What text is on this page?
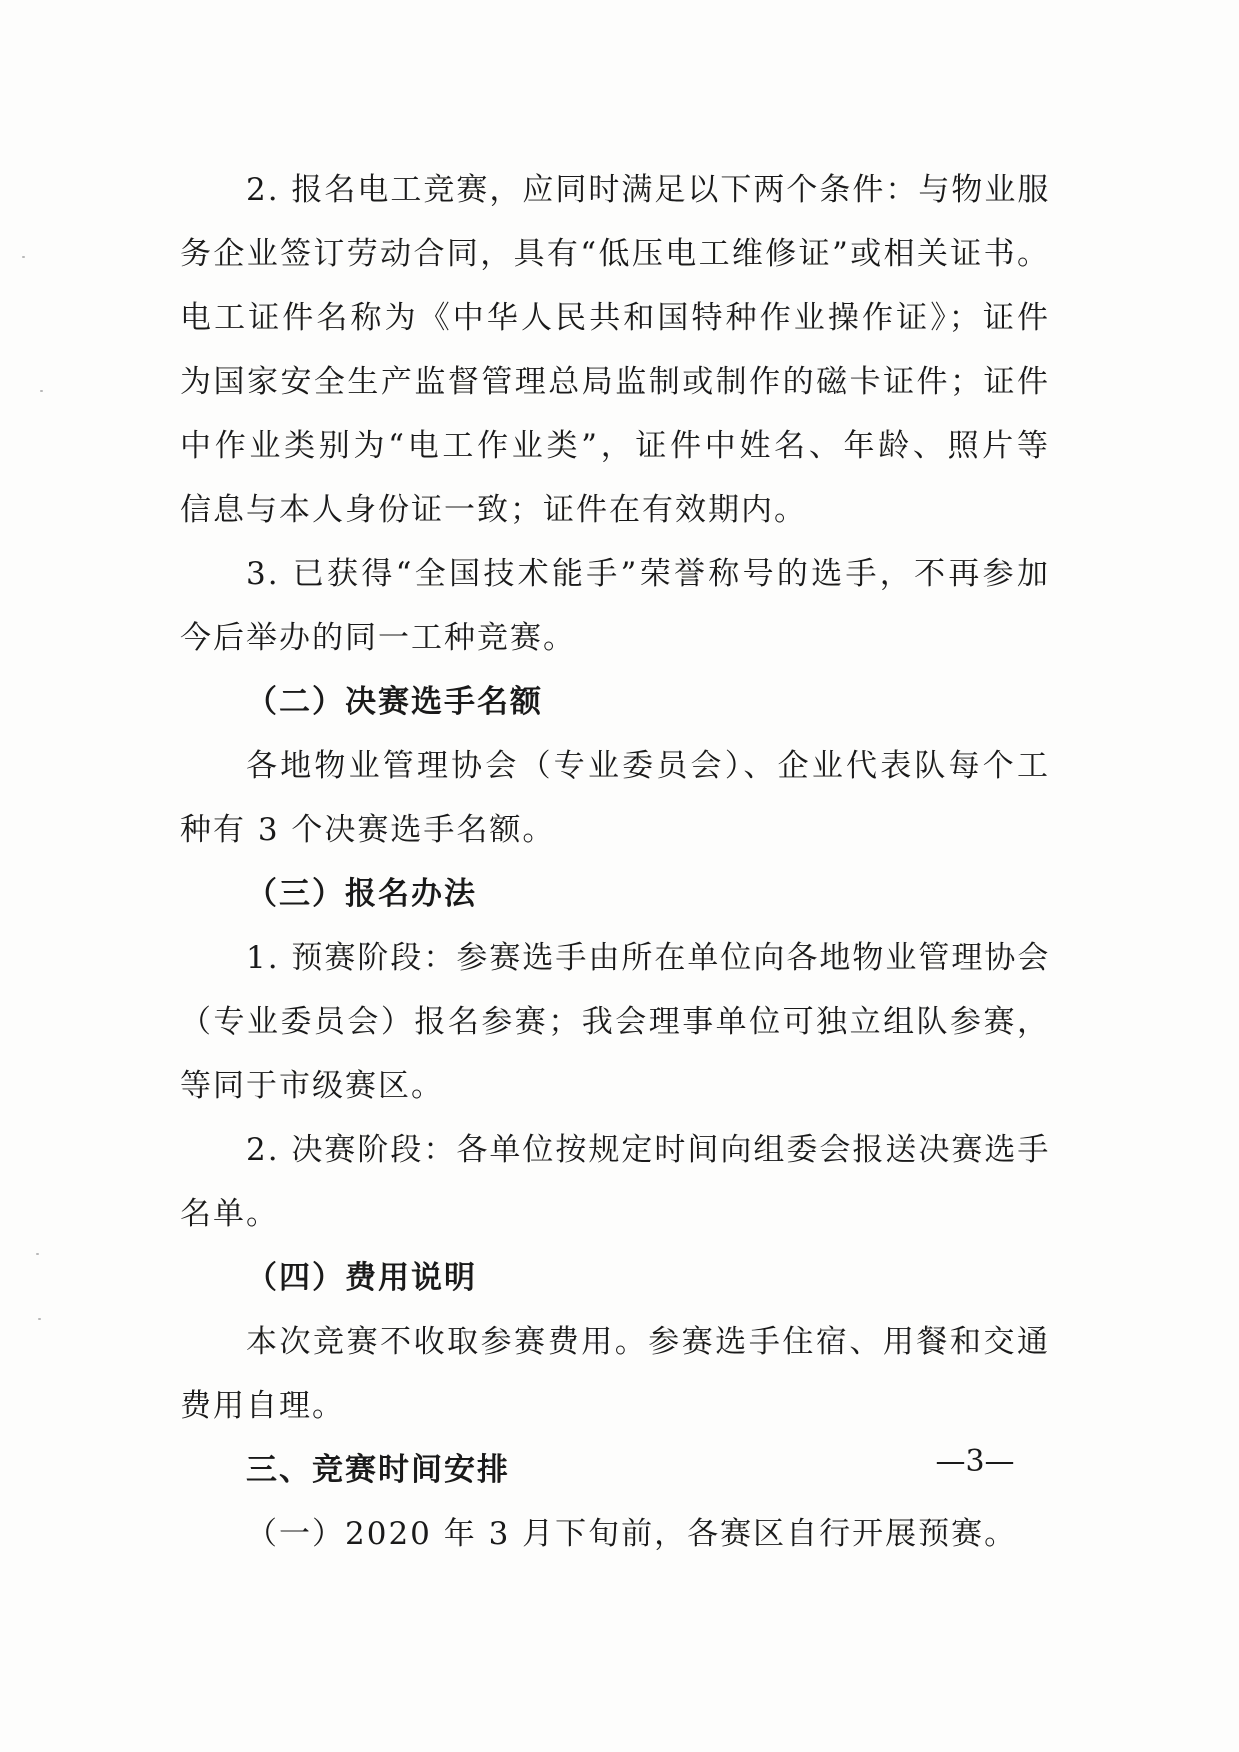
2. 报名电工竞赛，应同时满足以下两个条件：与物业服
务企业签订劳动合同，具有“低压电工维修证”或相关证书。
电工证件名称为《中华人民共和国特种作业操作证》；证件
为国家安全生产监督管理总局监制或制作的磁卡证件；证件
中作业类别为“电工作业类”，证件中姓名、年龄、照片等
信息与本人身份证一致；证件在有效期内。
3. 已获得“全国技术能手”荣誉称号的选手，不再参加
今后举办的同一工种竞赛。
（二）决赛选手名额
各地物业管理协会（专业委员会）、企业代表队每个工
种有 3 个决赛选手名额。
（三）报名办法
1. 预赛阶段：参赛选手由所在单位向各地物业管理协会
（专业委员会）报名参赛；我会理事单位可独立组队参赛，
等同于市级赛区。
2. 决赛阶段：各单位按规定时间向组委会报送决赛选手
名单。
（四）费用说明
本次竞赛不收取参赛费用。参赛选手住宿、用餐和交通
费用自理。
三、竞赛时间安排
（一）2020 年 3 月下旬前，各赛区自行开展预赛。
—3—
